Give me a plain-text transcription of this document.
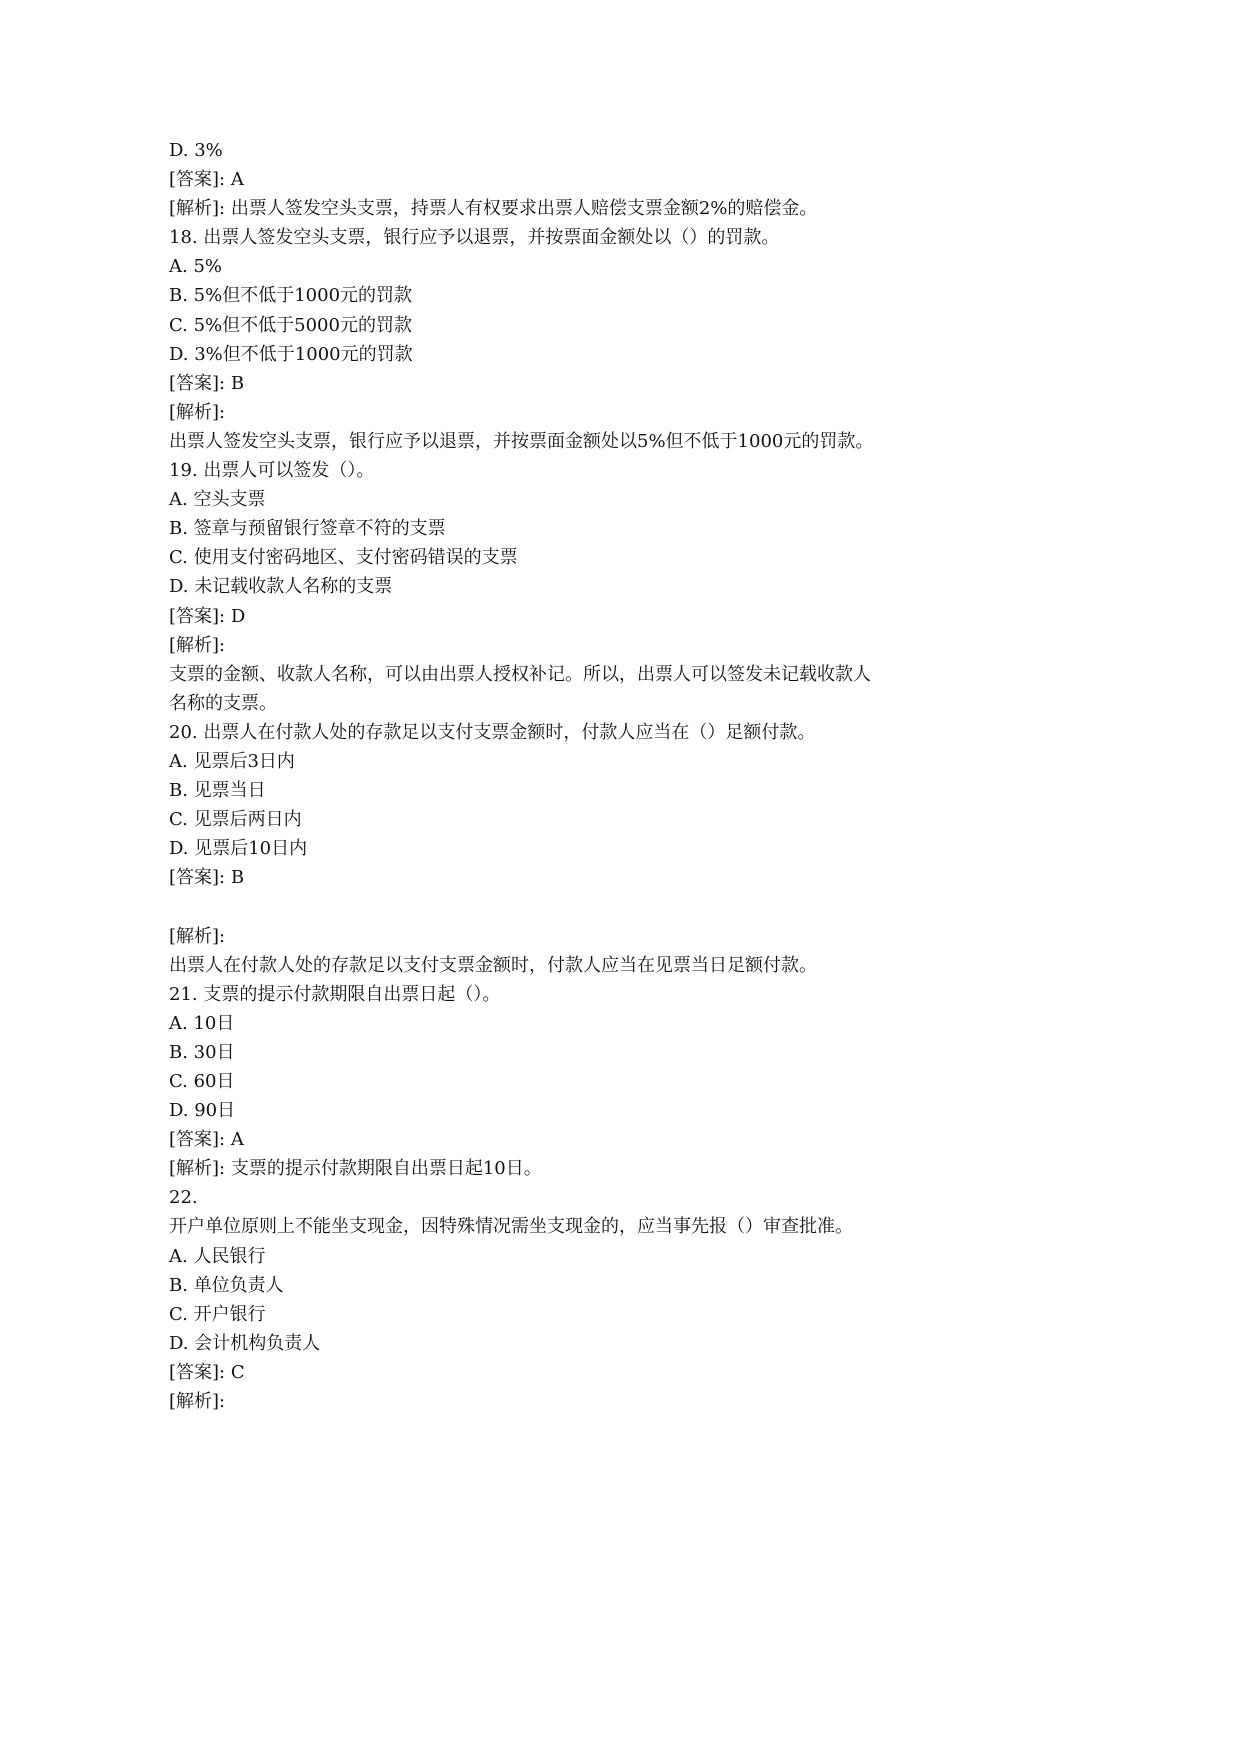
D. 3%
[答案]: A
[解析]: 出票人签发空头支票，持票人有权要求出票人赔偿支票金额2%的赔偿金。
18. 出票人签发空头支票，银行应予以退票，并按票面金额处以（）的罚款。
A. 5%
B. 5%但不低于1000元的罚款
C. 5%但不低于5000元的罚款
D. 3%但不低于1000元的罚款
[答案]: B
[解析]:
出票人签发空头支票，银行应予以退票，并按票面金额处以5%但不低于1000元的罚款。
19. 出票人可以签发（）。
A. 空头支票
B. 签章与预留银行签章不符的支票
C. 使用支付密码地区、支付密码错误的支票
D. 未记载收款人名称的支票
[答案]: D
[解析]:
支票的金额、收款人名称，可以由出票人授权补记。所以，出票人可以签发未记载收款人
名称的支票。
20. 出票人在付款人处的存款足以支付支票金额时，付款人应当在（）足额付款。
A. 见票后3日内
B. 见票当日
C. 见票后两日内
D. 见票后10日内
[答案]: B
[解析]:
出票人在付款人处的存款足以支付支票金额时，付款人应当在见票当日足额付款。
21. 支票的提示付款期限自出票日起（）。
A. 10日
B. 30日
C. 60日
D. 90日
[答案]: A
[解析]: 支票的提示付款期限自出票日起10日。
22.
开户单位原则上不能坐支现金，因特殊情况需坐支现金的，应当事先报（）审查批准。
A. 人民银行
B. 单位负责人
C. 开户银行
D. 会计机构负责人
[答案]: C
[解析]:
